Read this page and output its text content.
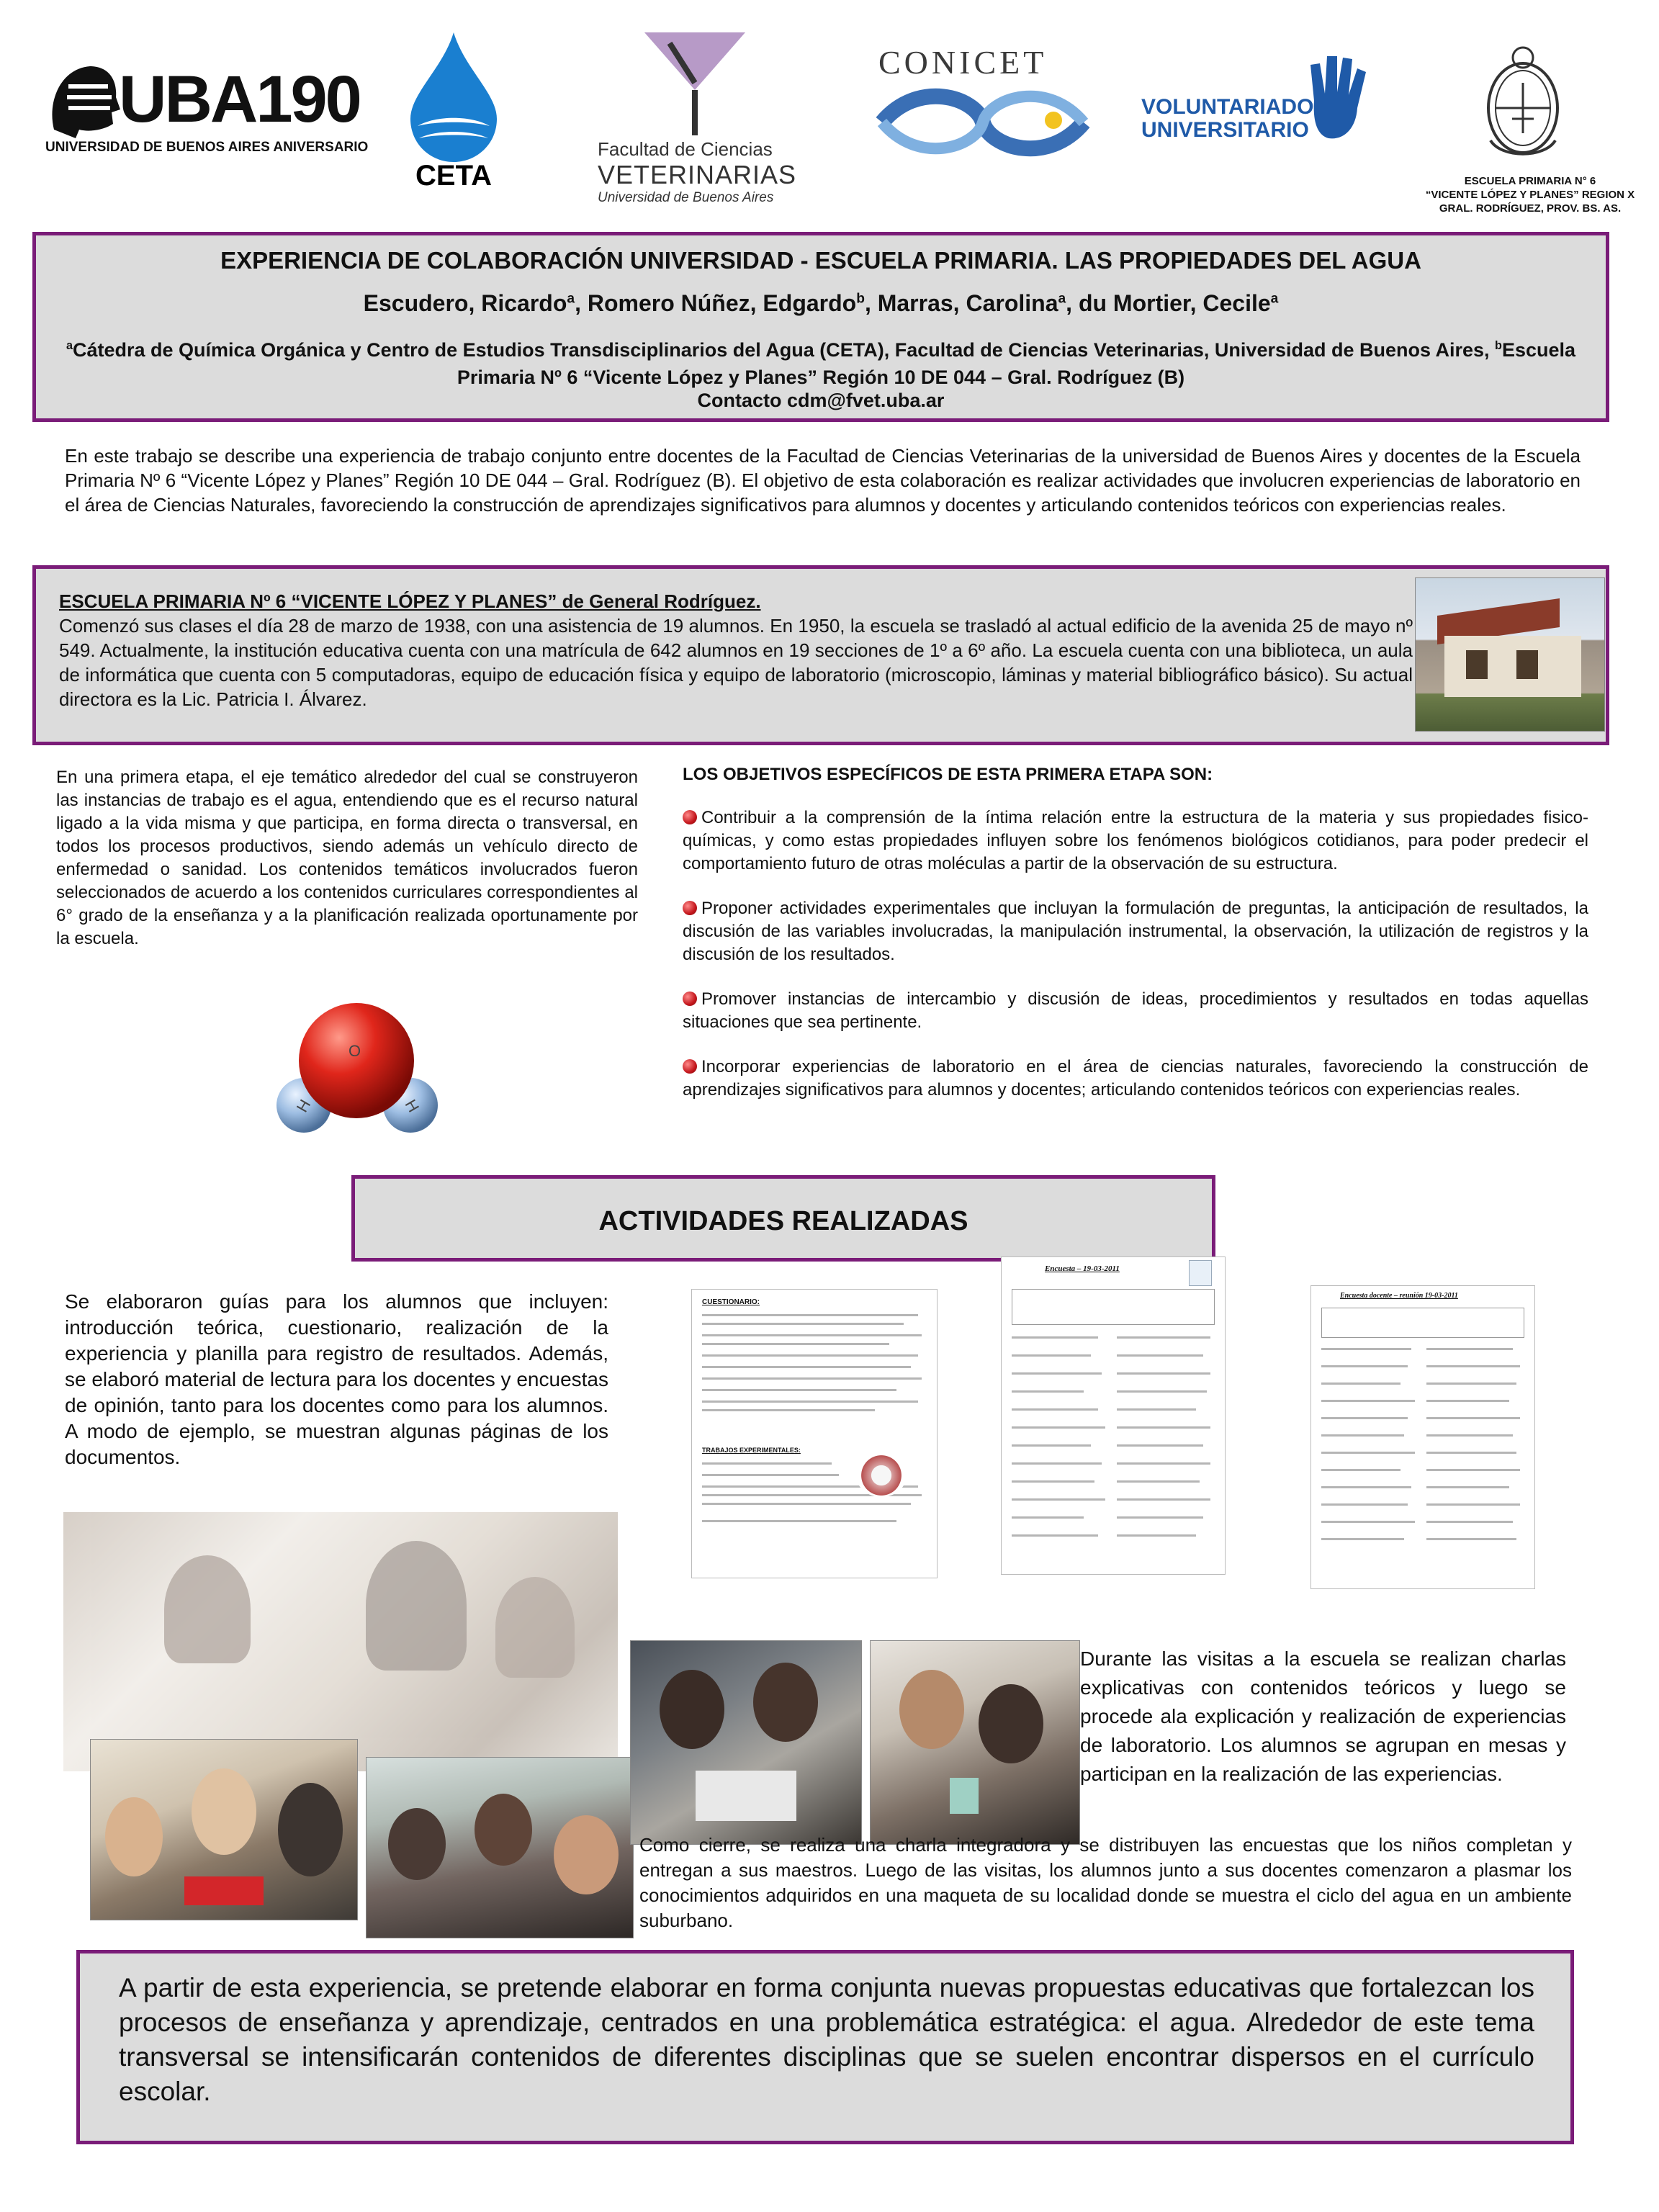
UBA190
UNIVERSIDAD DE BUENOS AIRES ANIVERSARIO
CETA
Facultad de Ciencias
VETERINARIAS
Universidad de Buenos Aires
CONICET
VOLUNTARIADO
UNIVERSITARIO
ESCUELA PRIMARIA N° 6
“VICENTE LÓPEZ Y PLANES” REGION X
GRAL. RODRÍGUEZ, PROV. BS. AS.
EXPERIENCIA DE COLABORACIÓN UNIVERSIDAD - ESCUELA PRIMARIA. LAS PROPIEDADES DEL AGUA
Escudero, Ricardo$^a$, Romero Núñez, Edgardo$^b$, Marras, Carolina$^a$, du Mortier, Cecile$^a$
$^a$Cátedra de Química Orgánica y Centro de Estudios Transdisciplinarios del Agua (CETA), Facultad de Ciencias Veterinarias, Universidad de Buenos Aires, $^b$Escuela Primaria Nº 6 “Vicente López y Planes” Región 10 DE 044 – Gral. Rodríguez (B)
Contacto cdm@fvet.uba.ar
En este trabajo se describe una experiencia de trabajo conjunto entre docentes de la Facultad de Ciencias Veterinarias de la universidad de Buenos Aires y docentes de la Escuela Primaria Nº 6 “Vicente López y Planes” Región 10 DE 044 – Gral. Rodríguez (B). El objetivo de esta colaboración es realizar actividades que involucren experiencias de laboratorio en el área de Ciencias Naturales, favoreciendo la construcción de aprendizajes significativos para alumnos y docentes y articulando contenidos teóricos con experiencias reales.
ESCUELA PRIMARIA Nº 6 “VICENTE LÓPEZ Y PLANES” de General Rodríguez.
Comenzó sus clases el día 28 de marzo de 1938, con una asistencia de 19 alumnos. En 1950, la escuela se trasladó al actual edificio de la avenida 25 de mayo nº 549. Actualmente, la institución educativa cuenta con una matrícula de 642 alumnos en 19 secciones de 1º a 6º año. La escuela cuenta con una biblioteca, un aula de informática que cuenta con 5 computadoras, equipo de educación física y equipo de laboratorio (microscopio, láminas y material bibliográfico básico). Su actual directora es la Lic. Patricia I. Álvarez.
En una primera etapa, el eje temático alrededor del cual se construyeron las instancias de trabajo es el agua, entendiendo que es el recurso natural ligado a la vida misma y que participa, en forma directa o transversal, en todos los procesos productivos, siendo además un vehículo directo de enfermedad o sanidad. Los contenidos temáticos involucrados fueron seleccionados de acuerdo a los contenidos curriculares correspondientes al 6° grado de la enseñanza y a la planificación realizada oportunamente por la escuela.
O
H	H
LOS OBJETIVOS ESPECÍFICOS DE ESTA PRIMERA ETAPA SON:
Contribuir a la comprensión de la íntima relación entre la estructura de la materia y sus propiedades fisico-químicas, y como estas propiedades influyen sobre los fenómenos biológicos cotidianos, para poder predecir el comportamiento futuro de otras moléculas a partir de la observación de su estructura.
Proponer actividades experimentales que incluyan la formulación de preguntas, la anticipación de resultados, la discusión de las variables involucradas, la manipulación instrumental, la observación, la utilización de registros y la discusión de los resultados.
Promover instancias de intercambio y discusión de ideas, procedimientos y resultados en todas aquellas situaciones que sea pertinente.
Incorporar experiencias de laboratorio en el área de ciencias naturales, favoreciendo la construcción de aprendizajes significativos para alumnos y docentes; articulando contenidos teóricos con experiencias reales.
ACTIVIDADES REALIZADAS
Se elaboraron guías para los alumnos que incluyen: introducción teórica, cuestionario, realización de la experiencia y planilla para registro de resultados. Además, se elaboró material de lectura para los docentes y encuestas de opinión, tanto para los docentes como para los alumnos. A modo de ejemplo, se muestran algunas páginas de los documentos.
CUESTIONARIO:
TRABAJOS EXPERIMENTALES:
Encuesta – 19-03-2011
Encuesta docente – reunión 19-03-2011
Durante las visitas a la escuela se realizan charlas explicativas con contenidos teóricos y luego se procede ala explicación y realización de experiencias de laboratorio. Los alumnos se agrupan en mesas y participan en la realización de las experiencias.
Como cierre, se realiza una charla integradora y se distribuyen las encuestas que los niños completan y entregan a sus maestros. Luego de las visitas, los alumnos junto a sus docentes comenzaron a plasmar los conocimientos adquiridos en una maqueta de su localidad donde se muestra el ciclo del agua en un ambiente suburbano.
A partir de esta experiencia, se pretende elaborar en forma conjunta nuevas propuestas educativas que fortalezcan los procesos de enseñanza y aprendizaje, centrados en una problemática estratégica: el agua. Alrededor de este tema transversal se intensificarán contenidos de diferentes disciplinas que se suelen encontrar dispersos en el currículo escolar.
